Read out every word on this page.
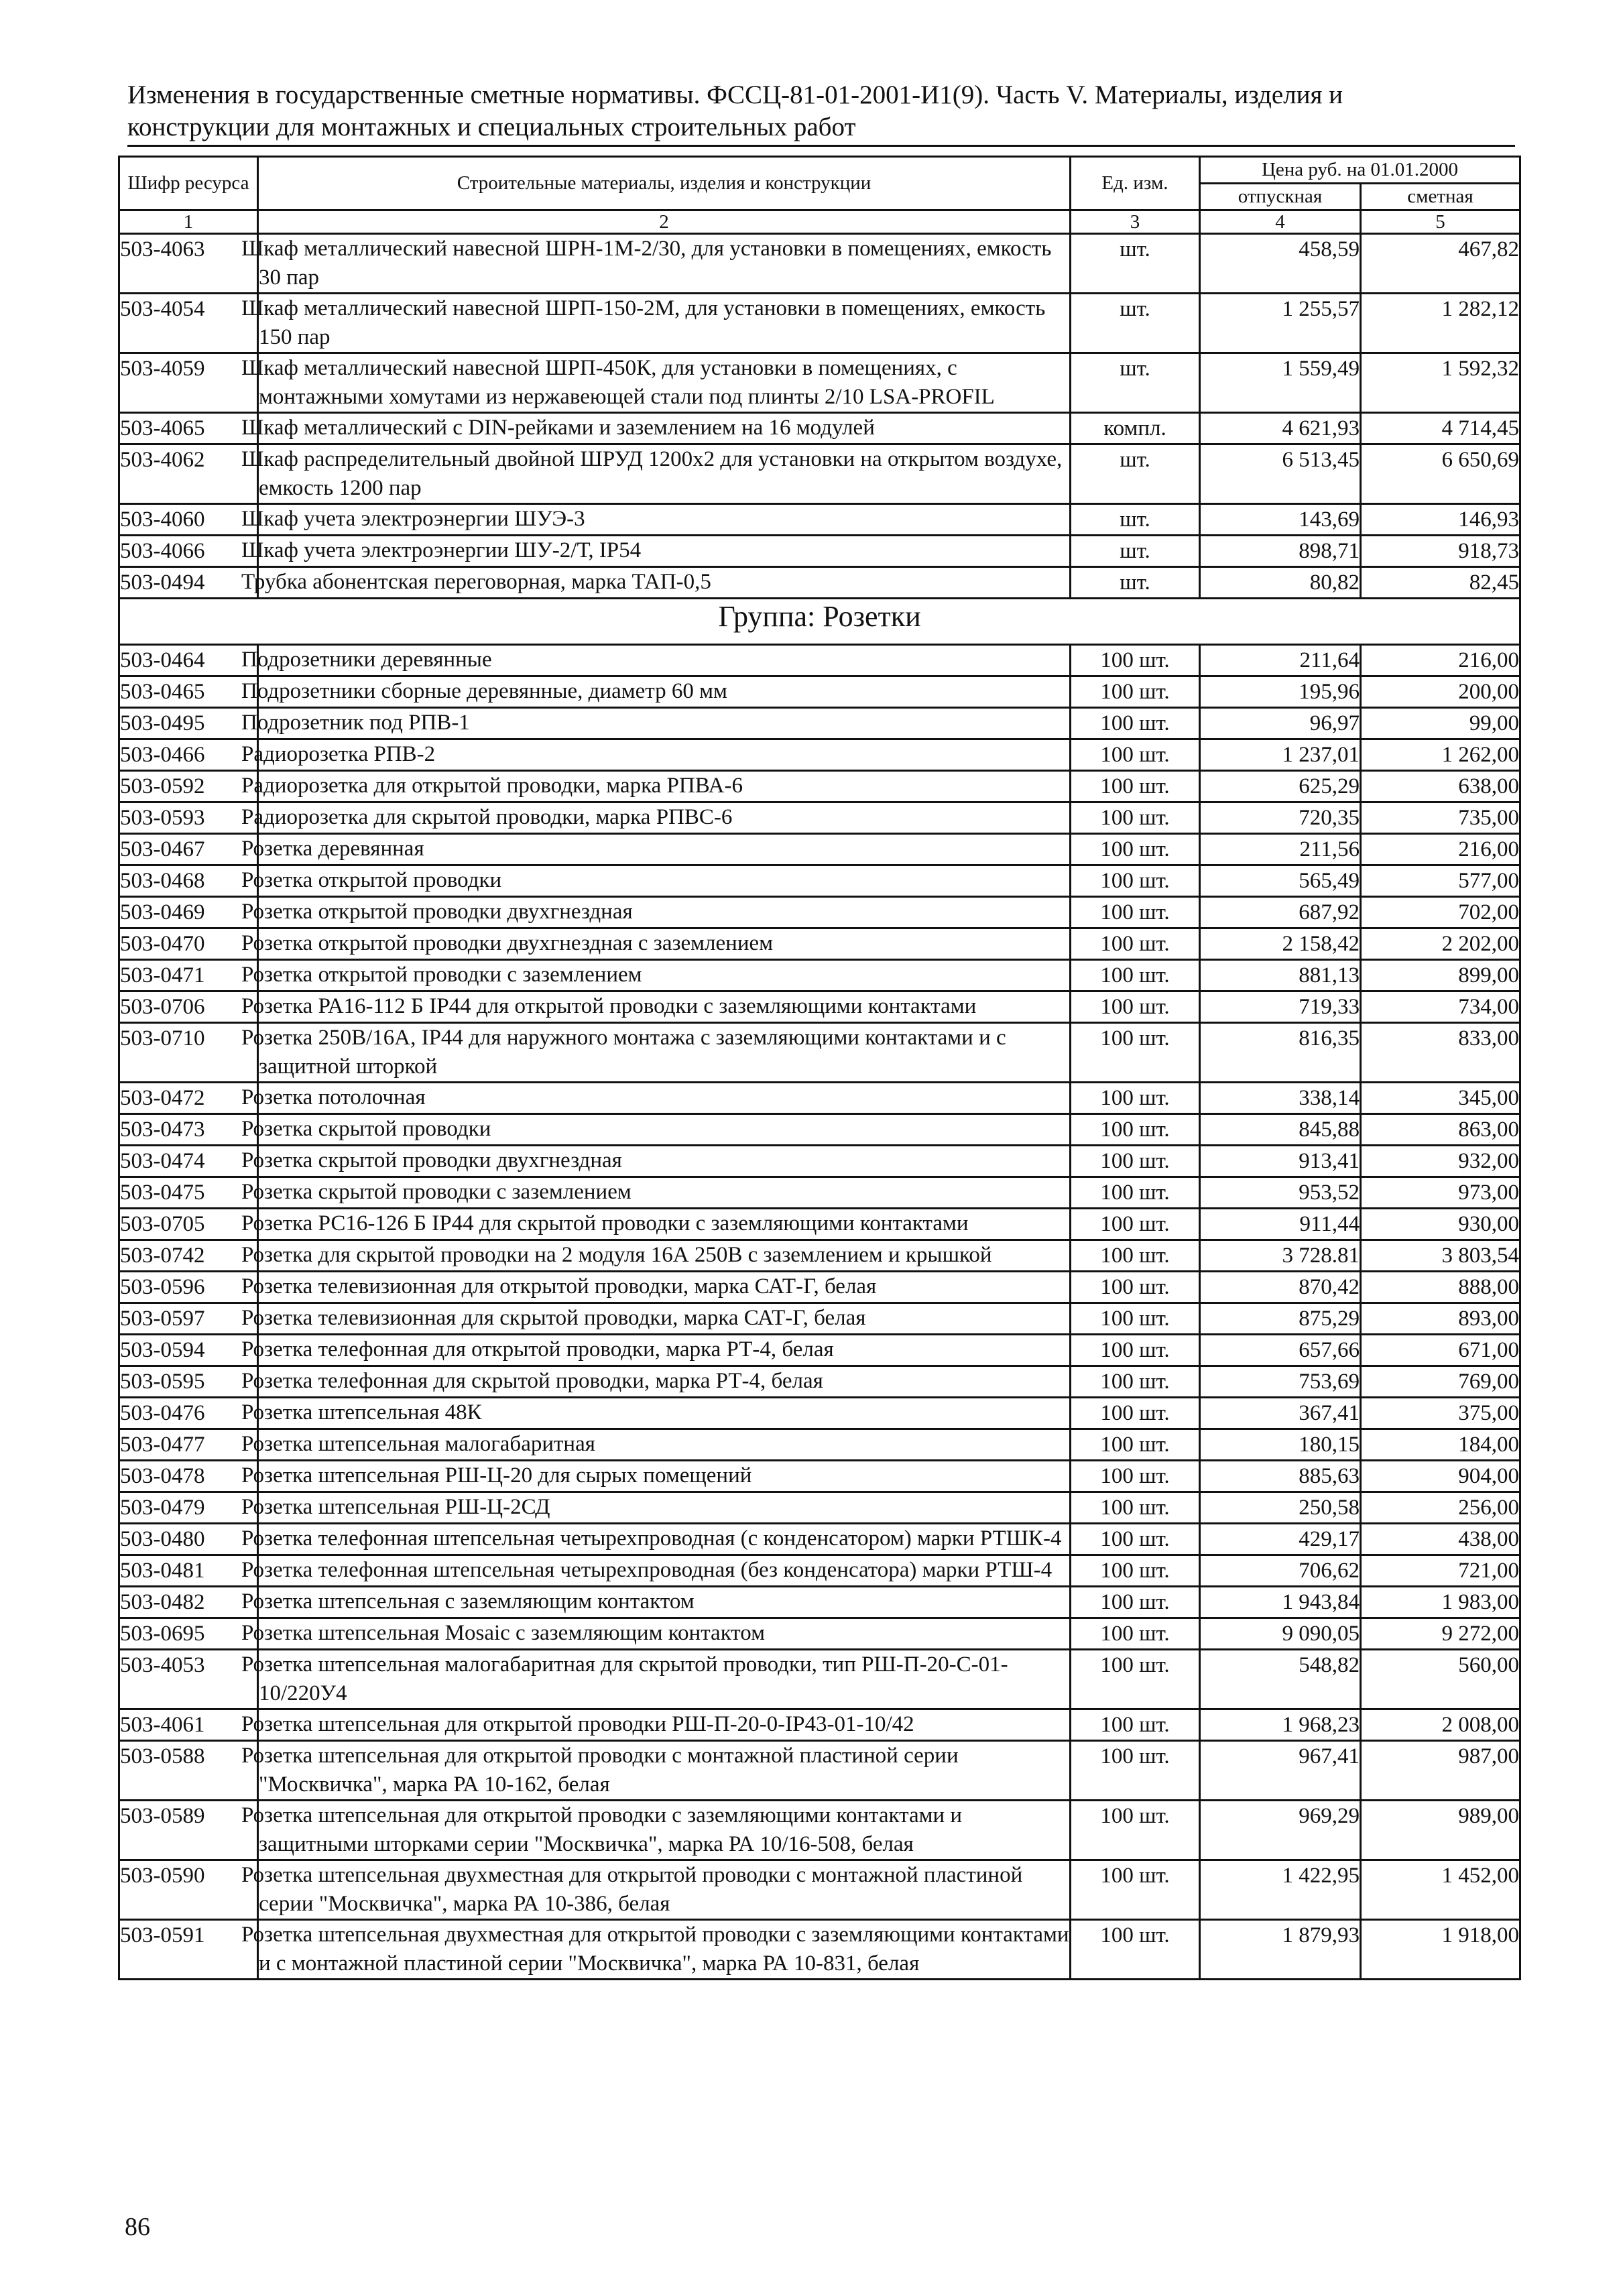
Изменения в государственные сметные нормативы. ФССЦ-81-01-2001-И1(9). Часть V. Материалы, изделия и
конструкции для монтажных и специальных строительных работ
Шифр ресурса	Строительные материалы, изделия и конструкции	Ед. изм.	Цена руб. на 01.01.2000	
			отпускная	сметная
1	2	3	4	5
503-4063	Шкаф металлический навесной ШРН-1М-2/30, для установки в помещениях, емкость 30 пар	шт.	458,59	467,82
503-4054	Шкаф металлический навесной ШРП-150-2М, для установки в помещениях, емкость 150 пар	шт.	1 255,57	1 282,12
503-4059	Шкаф металлический навесной ШРП-450К, для установки в помещениях, с монтажными хомутами из нержавеющей стали под плинты 2/10 LSA-PROFIL	шт.	1 559,49	1 592,32
503-4065	Шкаф металлический с DIN-рейками и заземлением на 16 модулей	компл.	4 621,93	4 714,45
503-4062	Шкаф распределительный двойной ШРУД 1200х2 для установки на открытом воздухе, емкость 1200 пар	шт.	6 513,45	6 650,69
503-4060	Шкаф учета электроэнергии ШУЭ-3	шт.	143,69	146,93
503-4066	Шкаф учета электроэнергии ШУ-2/Т, IP54	шт.	898,71	918,73
503-0494	Трубка абонентская переговорная, марка ТАП-0,5	шт.	80,82	82,45
Группа: Розетки				
503-0464	Подрозетники деревянные	100 шт.	211,64	216,00
503-0465	Подрозетники сборные деревянные, диаметр 60 мм	100 шт.	195,96	200,00
503-0495	Подрозетник под РПВ-1	100 шт.	96,97	99,00
503-0466	Радиорозетка РПВ-2	100 шт.	1 237,01	1 262,00
503-0592	Радиорозетка для открытой проводки, марка РПВА-6	100 шт.	625,29	638,00
503-0593	Радиорозетка для скрытой проводки, марка РПВС-6	100 шт.	720,35	735,00
503-0467	Розетка деревянная	100 шт.	211,56	216,00
503-0468	Розетка открытой проводки	100 шт.	565,49	577,00
503-0469	Розетка открытой проводки двухгнездная	100 шт.	687,92	702,00
503-0470	Розетка открытой проводки двухгнездная с заземлением	100 шт.	2 158,42	2 202,00
503-0471	Розетка открытой проводки с заземлением	100 шт.	881,13	899,00
503-0706	Розетка РА16-112 Б IP44 для открытой проводки с заземляющими контактами	100 шт.	719,33	734,00
503-0710	Розетка 250В/16А, IP44 для наружного монтажа с заземляющими контактами и с защитной шторкой	100 шт.	816,35	833,00
503-0472	Розетка потолочная	100 шт.	338,14	345,00
503-0473	Розетка скрытой проводки	100 шт.	845,88	863,00
503-0474	Розетка скрытой проводки двухгнездная	100 шт.	913,41	932,00
503-0475	Розетка скрытой проводки с заземлением	100 шт.	953,52	973,00
503-0705	Розетка РС16-126 Б IP44 для скрытой проводки с заземляющими контактами	100 шт.	911,44	930,00
503-0742	Розетка для скрытой проводки на 2 модуля 16А 250В с заземлением и крышкой	100 шт.	3 728.81	3 803,54
503-0596	Розетка телевизионная для открытой проводки, марка САТ-Г, белая	100 шт.	870,42	888,00
503-0597	Розетка телевизионная для скрытой проводки, марка САТ-Г, белая	100 шт.	875,29	893,00
503-0594	Розетка телефонная для открытой проводки, марка РТ-4, белая	100 шт.	657,66	671,00
503-0595	Розетка телефонная для скрытой проводки, марка РТ-4, белая	100 шт.	753,69	769,00
503-0476	Розетка штепсельная 48К	100 шт.	367,41	375,00
503-0477	Розетка штепсельная малогабаритная	100 шт.	180,15	184,00
503-0478	Розетка штепсельная РШ-Ц-20 для сырых помещений	100 шт.	885,63	904,00
503-0479	Розетка штепсельная РШ-Ц-2СД	100 шт.	250,58	256,00
503-0480	Розетка телефонная штепсельная четырехпроводная (с конденсатором) марки РТШК-4	100 шт.	429,17	438,00
503-0481	Розетка телефонная штепсельная четырехпроводная (без конденсатора) марки РТШ-4	100 шт.	706,62	721,00
503-0482	Розетка штепсельная с заземляющим контактом	100 шт.	1 943,84	1 983,00
503-0695	Розетка штепсельная Mosaic с заземляющим контактом	100 шт.	9 090,05	9 272,00
503-4053	Розетка штепсельная малогабаритная для скрытой проводки, тип РШ-П-20-С-01-10/220У4	100 шт.	548,82	560,00
503-4061	Розетка штепсельная для открытой проводки РШ-П-20-0-IP43-01-10/42	100 шт.	1 968,23	2 008,00
503-0588	Розетка штепсельная для открытой проводки с монтажной пластиной серии "Москвичка", марка РА 10-162, белая	100 шт.	967,41	987,00
503-0589	Розетка штепсельная для открытой проводки с заземляющими контактами и защитными шторками серии "Москвичка", марка РА 10/16-508, белая	100 шт.	969,29	989,00
503-0590	Розетка штепсельная двухместная для открытой проводки с монтажной пластиной серии "Москвичка", марка РА 10-386, белая	100 шт.	1 422,95	1 452,00
503-0591	Розетка штепсельная двухместная для открытой проводки с заземляющими контактами и с монтажной пластиной серии "Москвичка", марка РА 10-831, белая	100 шт.	1 879,93	1 918,00
86
